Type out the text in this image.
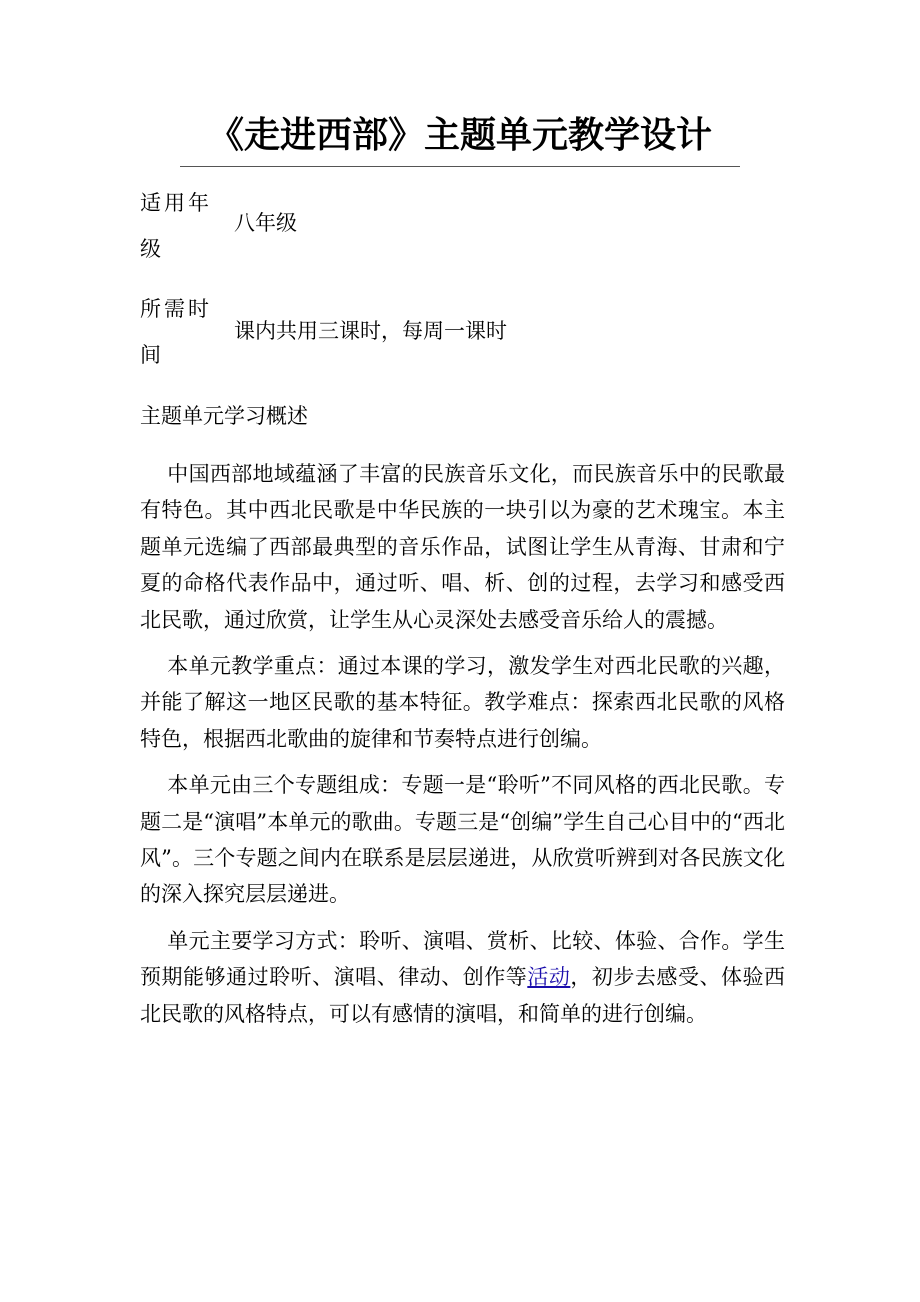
《走进西部》主题单元教学设计
适用年级
八年级
所需时间
课内共用三课时，每周一课时
主题单元学习概述

中国西部地域蕴涵了丰富的民族音乐文化，而民族音乐中的民歌最有特色。其中西北民歌是中华民族的一块引以为豪的艺术瑰宝。本主题单元选编了西部最典型的音乐作品，试图让学生从青海、甘肃和宁夏的命格代表作品中，通过听、唱、析、创的过程，去学习和感受西北民歌，通过欣赏，让学生从心灵深处去感受音乐给人的震撼。

本单元教学重点：通过本课的学习，激发学生对西北民歌的兴趣，并能了解这一地区民歌的基本特征。教学难点：探索西北民歌的风格特色，根据西北歌曲的旋律和节奏特点进行创编。

本单元由三个专题组成：专题一是“聆听”不同风格的西北民歌。专题二是“演唱”本单元的歌曲。专题三是“创编”学生自己心目中的“西北风”。三个专题之间内在联系是层层递进，从欣赏听辨到对各民族文化的深入探究层层递进。

单元主要学习方式：聆听、演唱、赏析、比较、体验、合作。学生预期能够通过聆听、演唱、律动、创作等活动，初步去感受、体验西北民歌的风格特点，可以有感情的演唱，和简单的进行创编。
